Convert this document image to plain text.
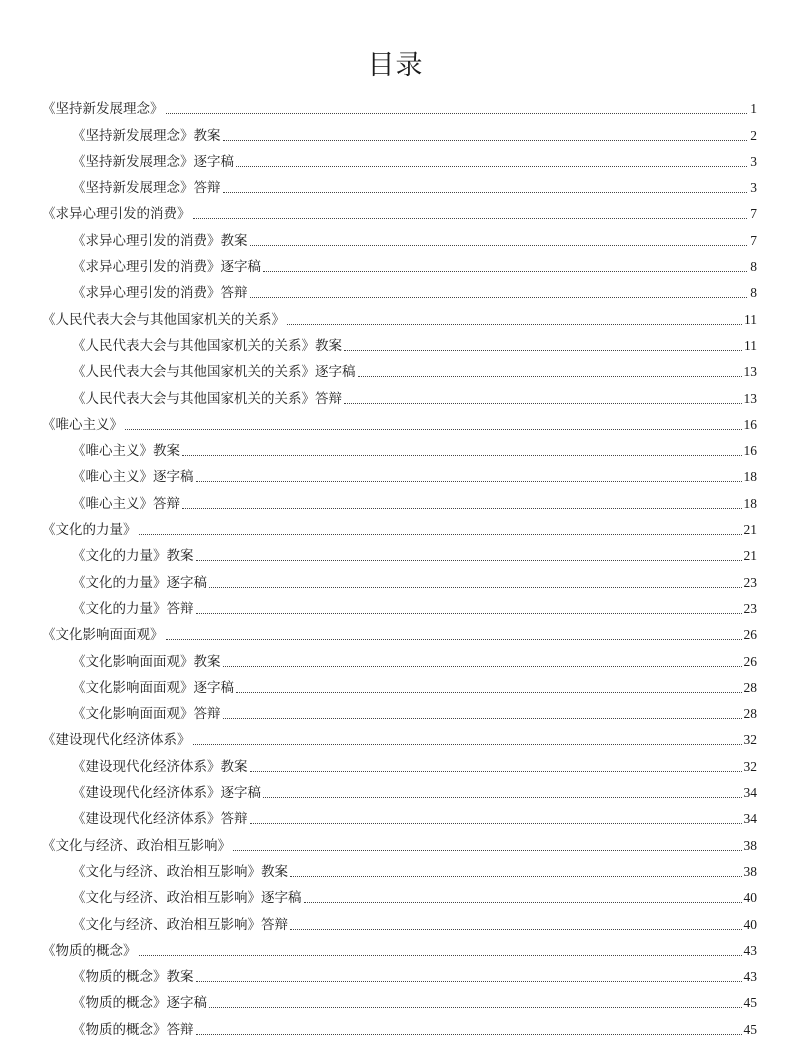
目录
《坚持新发展理念》	1
《坚持新发展理念》教案	2
《坚持新发展理念》逐字稿	3
《坚持新发展理念》答辩	3
《求异心理引发的消费》	7
《求异心理引发的消费》教案	7
《求异心理引发的消费》逐字稿	8
《求异心理引发的消费》答辩	8
《人民代表大会与其他国家机关的关系》	11
《人民代表大会与其他国家机关的关系》教案	11
《人民代表大会与其他国家机关的关系》逐字稿	13
《人民代表大会与其他国家机关的关系》答辩	13
《唯心主义》	16
《唯心主义》教案	16
《唯心主义》逐字稿	18
《唯心主义》答辩	18
《文化的力量》	21
《文化的力量》教案	21
《文化的力量》逐字稿	23
《文化的力量》答辩	23
《文化影响面面观》	26
《文化影响面面观》教案	26
《文化影响面面观》逐字稿	28
《文化影响面面观》答辩	28
《建设现代化经济体系》	32
《建设现代化经济体系》教案	32
《建设现代化经济体系》逐字稿	34
《建设现代化经济体系》答辩	34
《文化与经济、政治相互影响》	38
《文化与经济、政治相互影响》教案	38
《文化与经济、政治相互影响》逐字稿	40
《文化与经济、政治相互影响》答辩	40
《物质的概念》	43
《物质的概念》教案	43
《物质的概念》逐字稿	45
《物质的概念》答辩	45
